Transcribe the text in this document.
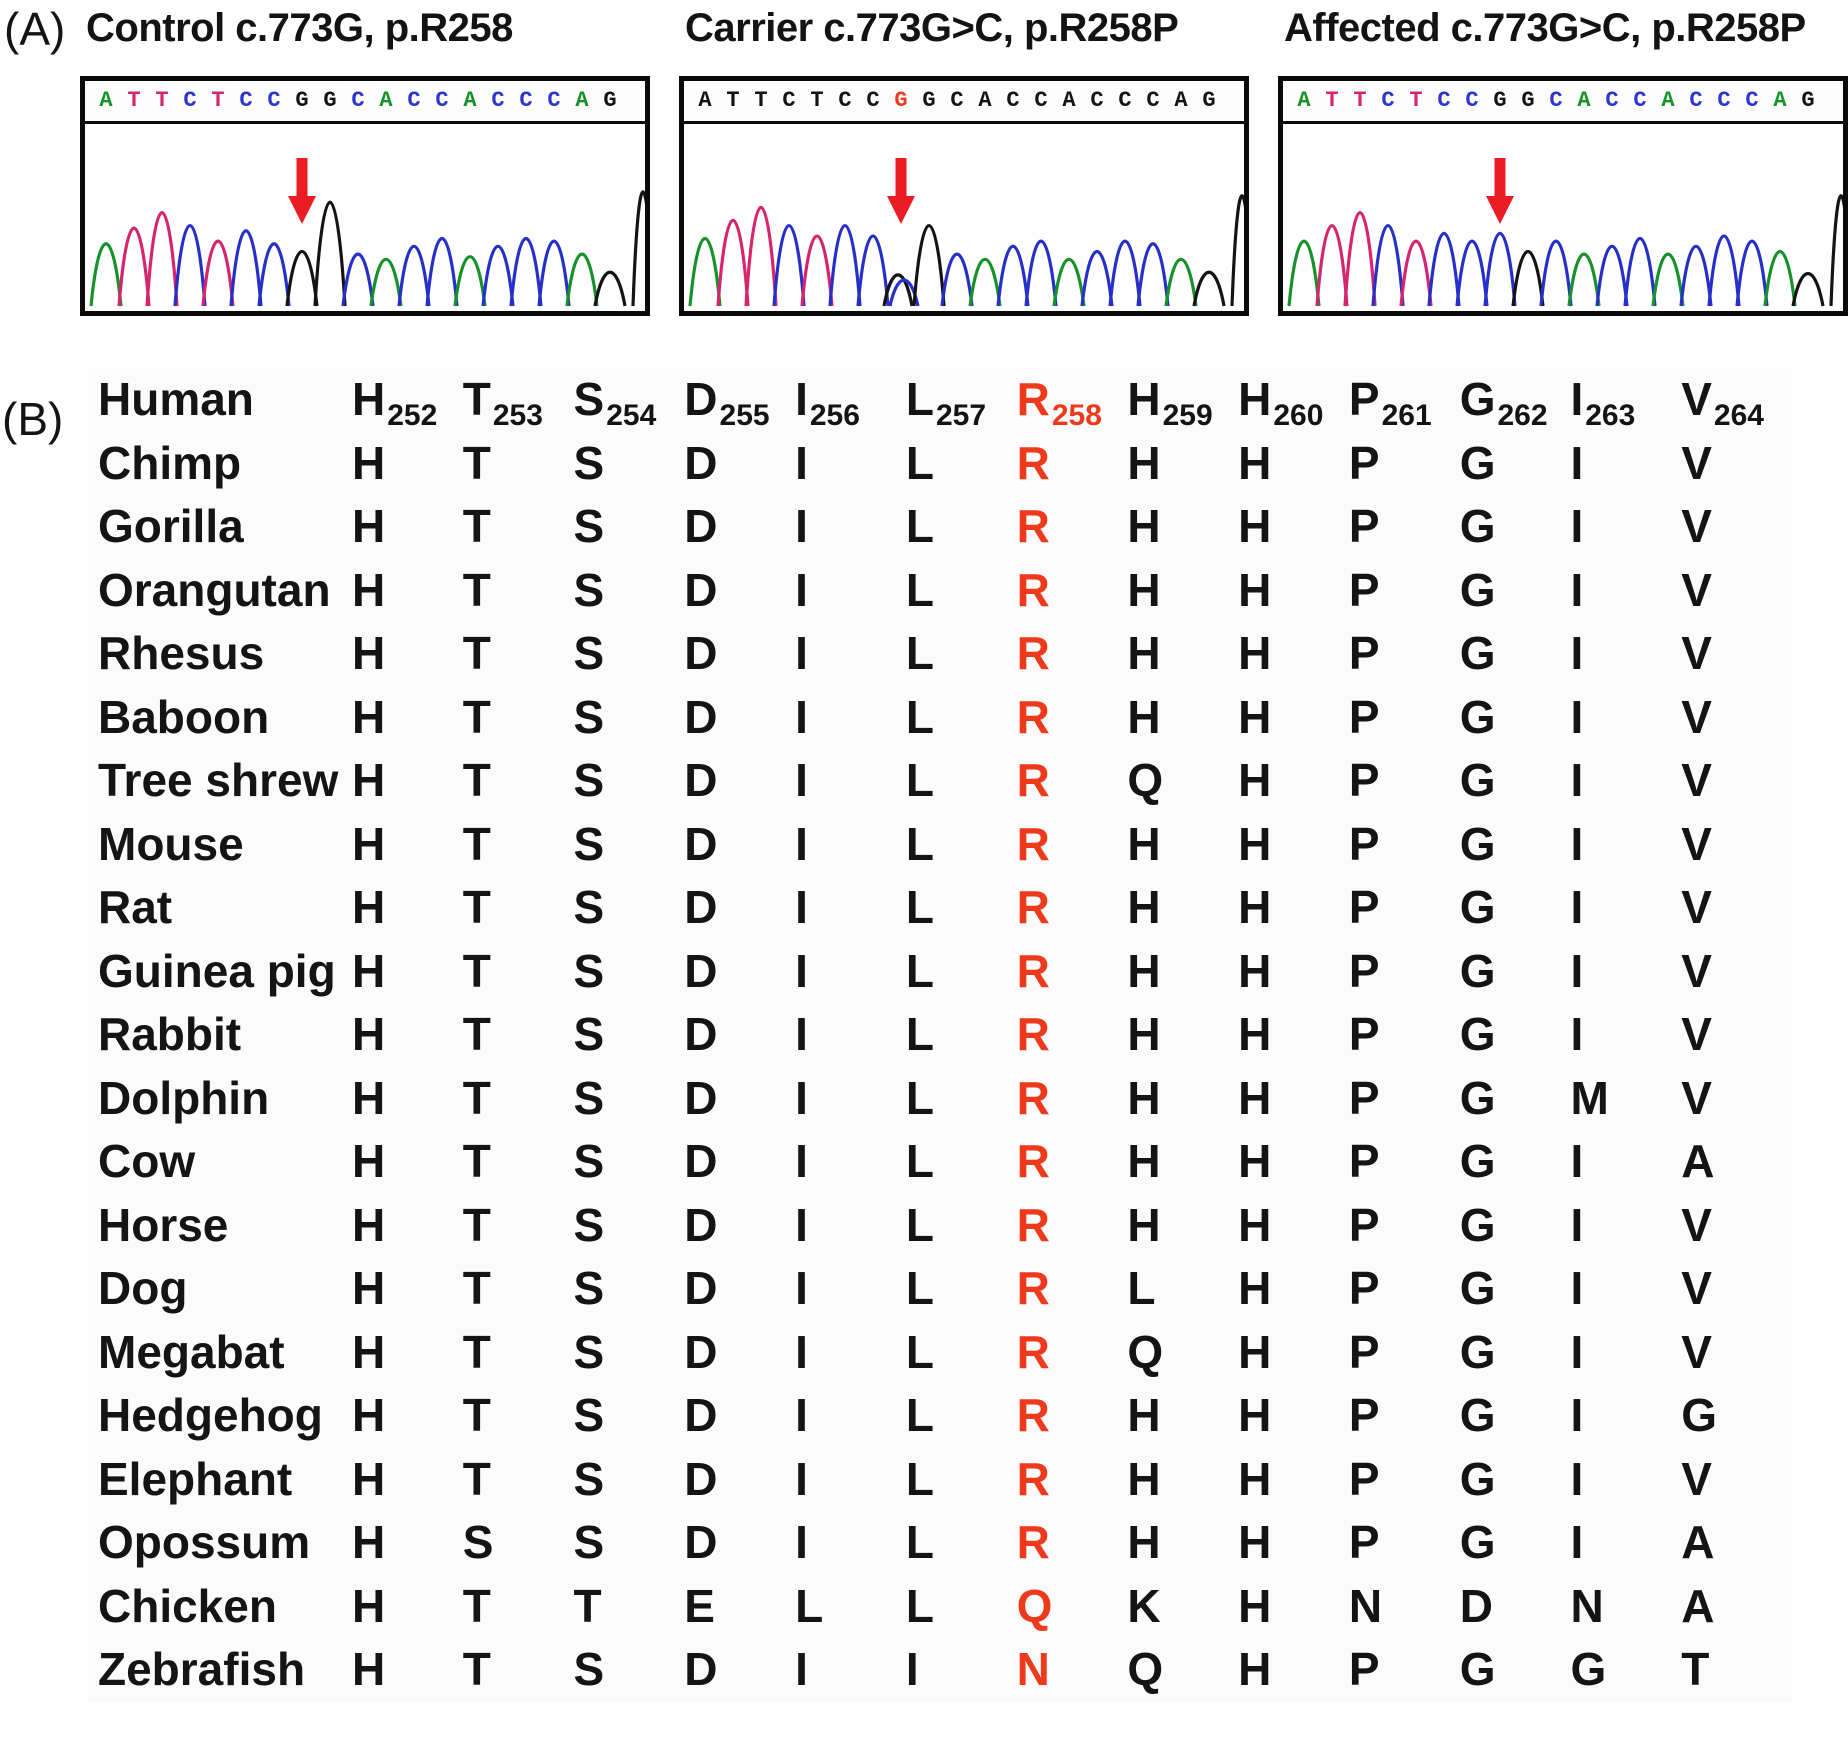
(A) Control c.773G, p.R258
A T T C T C C G G C A C C A C C C A G
Carrier c.773G>C, p.R258P
A T T C T C C G G C A C C A C C C A G
Affected c.773G>C, p.R258P
A T T C T C C G G C A C C A C C C A G
(B) Human	$H_{252}$ $T_{253}$ $S_{254}$ $D_{255}$ $I_{256}$ $L_{257}$ $R_{258}$ $H_{259}$ $H_{260}$ $P_{261}$ $G_{262}$ $I_{263}$ $V_{264}$
Chimp	H	T	S	D	I	L	R	H	H	P	G	I	V
Gorilla	H	T	S	D	I	L	R	H	H	P	G	I	V
Orangutan H	T	S	D	I	L	R	H	H	P	G	I	V
Rhesus	H	T	S	D	I	L	R	H	H	P	G	I	V
Baboon	H	T	S	D	I	L	R	H	H	P	G	I	V
Tree shrew H	T	S	D	I	L	R	Q	H	P	G	I	V
Mouse	H	T	S	D	I	L	R	H	H	P	G	I	V
Rat	H	T	S	D	I	L	R	H	H	P	G	I	V
Guinea pig H	T	S	D	I	L	R	H	H	P	G	I	V
Rabbit	H	T	S	D	I	L	R	H	H	P	G	I	V
Dolphin	H	T	S	D	I	L	R	H	H	P	G	M	V
Cow	H	T	S	D	I	L	R	H	H	P	G	I	A
Horse	H	T	S	D	I	L	R	H	H	P	G	I	V
Dog	H	T	S	D	I	L	R	L	H	P	G	I	V
Megabat	H	T	S	D	I	L	R	Q	H	P	G	I	V
Hedgehog H	T	S	D	I	L	R	H	H	P	G	I	G
Elephant	H	T	S	D	I	L	R	H	H	P	G	I	V
Opossum H	S	S	D	I	L	R	H	H	P	G	I	A
Chicken	H	T	T	E	L	L	Q	K	H	N	D	N	A
Zebrafish	H	T	S	D	I	I	N	Q	H	P	G	G	T
